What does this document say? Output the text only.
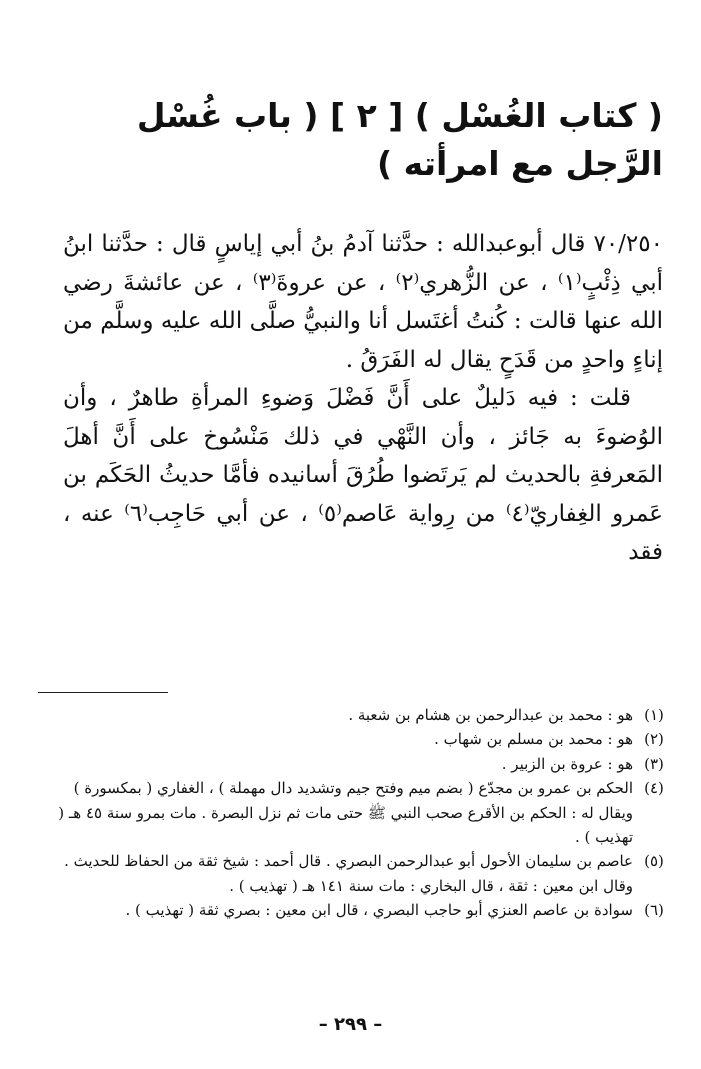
( كتاب الغُسْل ) [ ٢ ] ( باب غُسْل الرَّجل مع امرأته )

٧٠/٢٥٠ قال أبوعبدالله : حدَّثنا آدمُ بنُ أبي إياسٍ قال : حدَّثنا ابنُ أبي ذِئْبٍ⁽١⁾ ، عن الزُّهري⁽٢⁾ ، عن عروةَ⁽٣⁾ ، عن عائشةَ رضي الله عنها قالت : كُنتُ أغتَسل أنا والنبيُّ صلَّى الله عليه وسلَّم من إناءٍ واحدٍ من قَدَحٍ يقال له الفَرَقُ .

قلت : فيه دَليلٌ على أَنَّ فَضْلَ وَضوءِ المرأةِ طاهرٌ ، وأن الوُضوءَ به جَائز ، وأن النَّهْي في ذلك مَنْسُوخ على أَنَّ أهلَ المَعرفةِ بالحديث لم يَرتَضوا طُرُقَ أسانيده فأمَّا حديثُ الحَكَم بن عَمرو الغِفاريّ⁽٤⁾ من رِواية عَاصم⁽٥⁾ ، عن أبي حَاجِب⁽٦⁾ عنه ، فقد

(١)
هو : محمد بن عبدالرحمن بن هشام بن شعبة .
(٢)
هو : محمد بن مسلم بن شهاب .
(٣)
هو : عروة بن الزبير .
(٤)
الحكم بن عمرو بن مجدّع ( بضم ميم وفتح جيم وتشديد دال مهملة ) ، الغفاري ( بمكسورة ) ويقال له : الحكم بن الأقرع صحب النبي ﷺ حتى مات ثم نزل البصرة . مات بمرو سنة ٤٥ هـ ( تهذيب ) .
(٥)
عاصم بن سليمان الأحول أبو عبدالرحمن البصري . قال أحمد : شيخ ثقة من الحفاظ للحديث . وقال ابن معين : ثقة ، قال البخاري : مات سنة ١٤١ هـ ( تهذيب ) .
(٦)
سوادة بن عاصم العنزي أبو حاجب البصري ، قال ابن معين : بصري ثقة ( تهذيب ) .
– ٢٩٩ –
